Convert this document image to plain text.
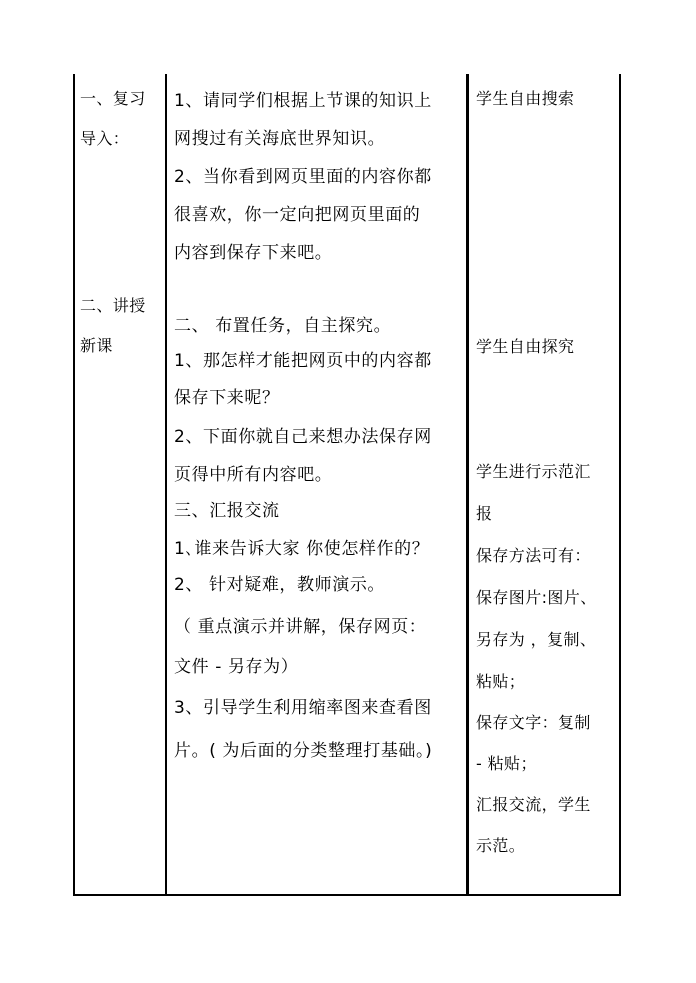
一、复习

导入：

二、讲授

新课

1、请同学们根据上节课的知识上

网搜过有关海底世界知识。

2、当你看到网页里面的内容你都

很喜欢，你一定向把网页里面的

内容到保存下来吧。

二、 布置任务，自主探究。

1、那怎样才能把网页中的内容都

保存下来呢？

2、下面你就自己来想办法保存网

页得中所有内容吧。

三、汇报交流

1､谁来告诉大家 你使怎样作的？

2、 针对疑难，教师演示。

（ 重点演示并讲解，保存网页：

文件 - 另存为）

3、引导学生利用缩率图来查看图

片。( 为后面的分类整理打基础。)

学生自由搜索

学生自由探究

学生进行示范汇

报

保存方法可有：

保存图片:图片、

另存为 ，复制、

粘贴；

保存文字：复制

- 粘贴；

汇报交流，学生

示范。
